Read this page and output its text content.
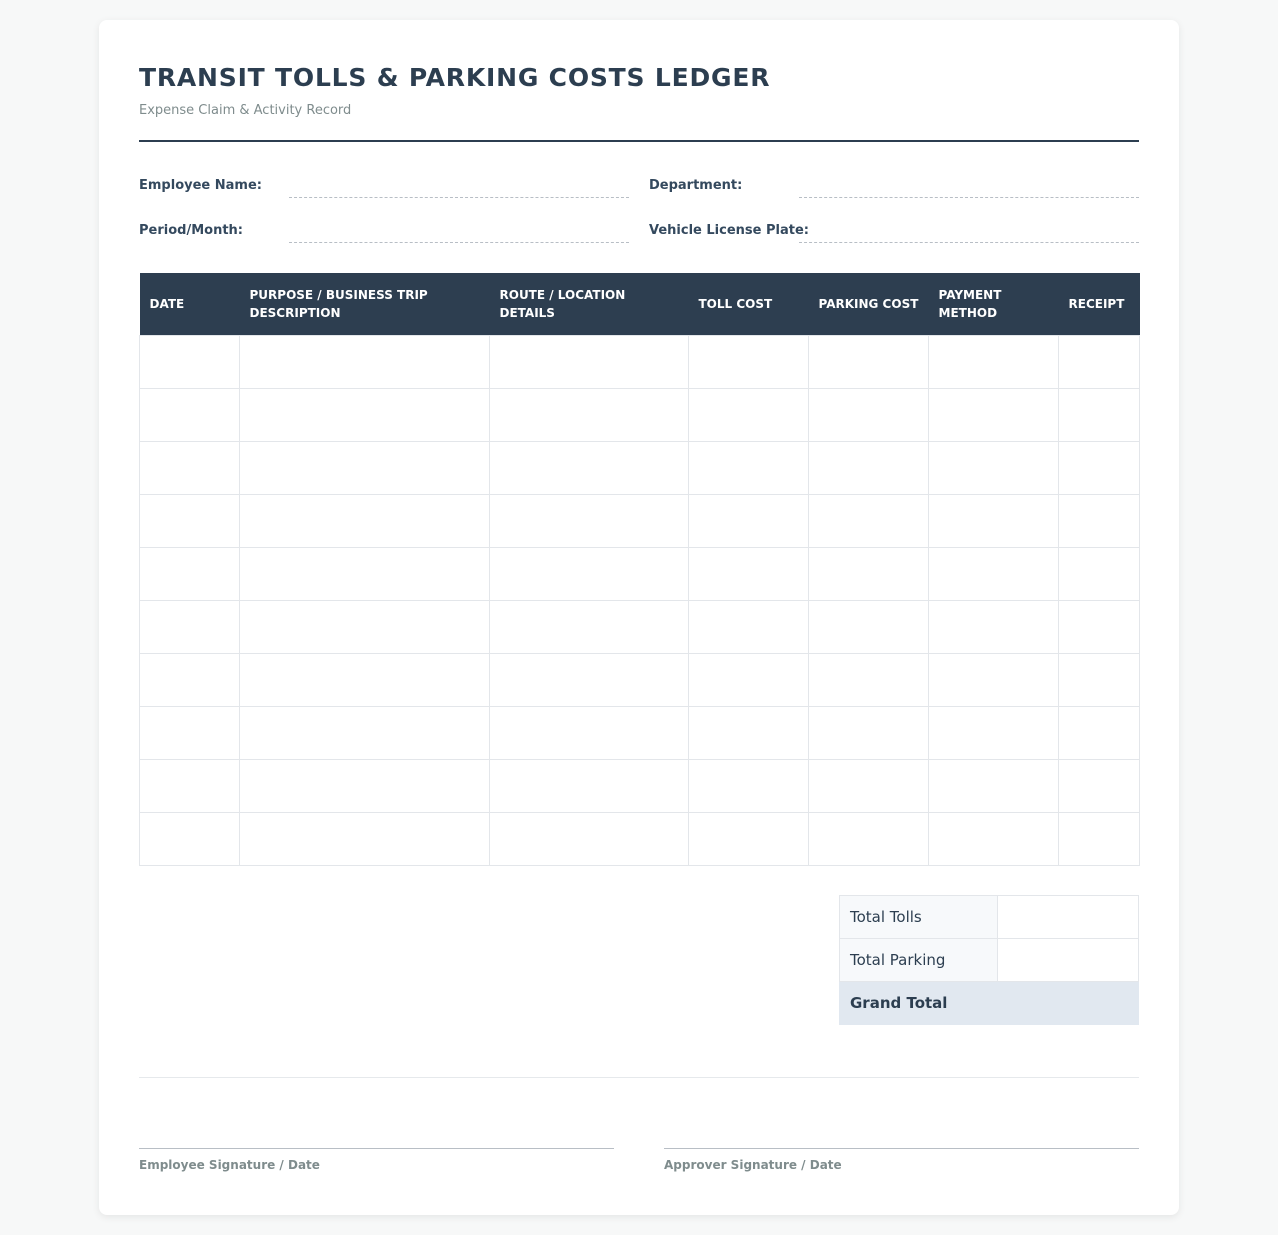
TRANSIT TOLLS & PARKING COSTS LEDGER
Expense Claim & Activity Record
Employee Name:	Department:
Period/Month:	Vehicle License Plate:
DATE	PURPOSE / BUSINESS TRIP DESCRIPTION	ROUTE / LOCATION DETAILS	TOLL COST	PARKING COST	PAYMENT METHOD	RECEIPT

Total Tolls	
Total Parking	
Grand Total	
Employee Signature / Date	Approver Signature / Date
